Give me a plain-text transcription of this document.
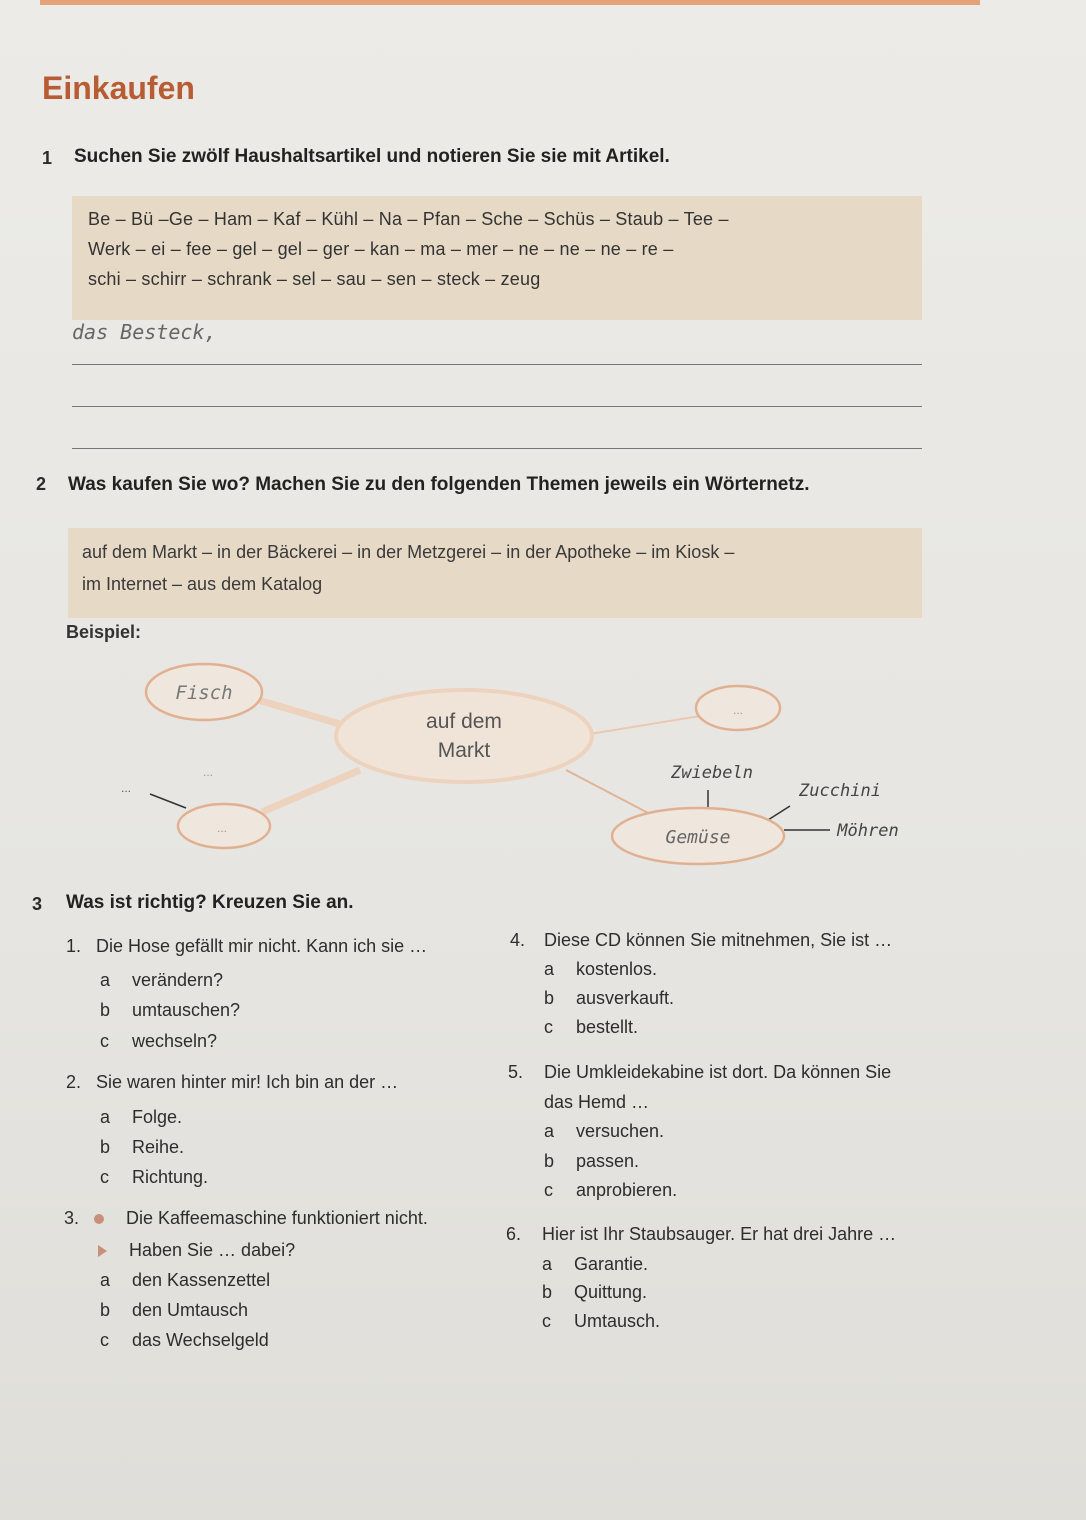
Einkaufen
1 Suchen Sie zwölf Haushaltsartikel und notieren Sie sie mit Artikel.
Be – Bü –Ge – Ham – Kaf – Kühl – Na – Pfan – Sche – Schüs – Staub – Tee –
Werk – ei – fee – gel – gel – ger – kan – ma – mer – ne – ne – ne – re –
schi – schirr – schrank – sel – sau – sen – steck – zeug
das Besteck,
2 Was kaufen Sie wo? Machen Sie zu den folgenden Themen jeweils ein Wörternetz.
auf dem Markt – in der Bäckerei – in der Metzgerei – in der Apotheke – im Kiosk –
im Internet – aus dem Katalog
Beispiel:
Fisch
auf dem
Markt
...
...
...
...
Gemüse
Zwiebeln
Zucchini
Möhren
3 Was ist richtig? Kreuzen Sie an.
1. Die Hose gefällt mir nicht. Kann ich sie …
a verändern?
b umtauschen?
c wechseln?
2. Sie waren hinter mir! Ich bin an der …
a Folge.
b Reihe.
c Richtung.
3.	Die Kaffeemaschine funktioniert nicht.
Haben Sie … dabei?
a den Kassenzettel
b den Umtausch
c das Wechselgeld
4. Diese CD können Sie mitnehmen, Sie ist …
a kostenlos.
b ausverkauft.
c bestellt.
5. Die Umkleidekabine ist dort. Da können Sie
das Hemd …
a versuchen.
b passen.
c anprobieren.
6. Hier ist Ihr Staubsauger. Er hat drei Jahre …
a Garantie.
b Quittung.
c Umtausch.
